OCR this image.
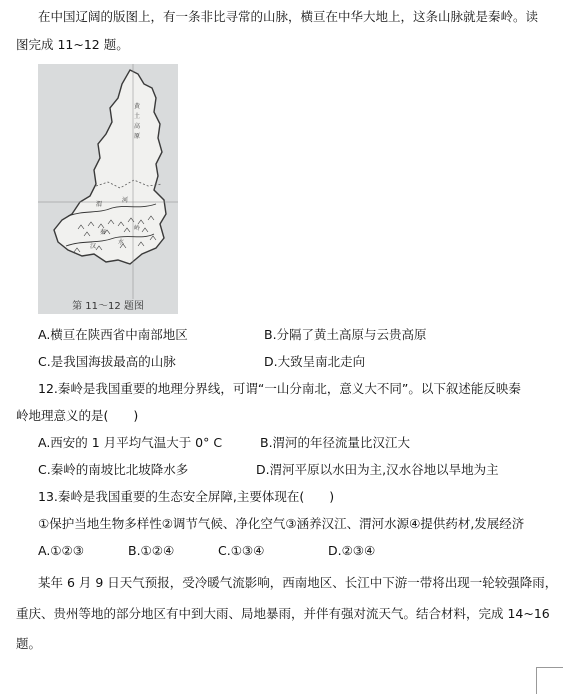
在中国辽阔的版图上，有一条非比寻常的山脉，横亘在中华大地上，这条山脉就是秦岭。读
图完成 11~12 题。
黄
土
高
原
渭
河
秦
岭
汉
水
第 11～12 题图
A.横亘在陕西省中南部地区	B.分隔了黄土高原与云贵高原
C.是我国海拔最高的山脉	D.大致呈南北走向
12.秦岭是我国重要的地理分界线，可谓“一山分南北，意义大不同”。以下叙述能反映秦
岭地理意义的是(　　)
A.西安的 1 月平均气温大于 0° C	B.渭河的年径流量比汉江大
C.秦岭的南坡比北坡降水多	D.渭河平原以水田为主,汉水谷地以旱地为主
13.秦岭是我国重要的生态安全屏障,主要体现在(　　)
①保护当地生物多样性②调节气候、净化空气③涵养汉江、渭河水源④提供药材,发展经济
A.①②③	B.①②④	C.①③④	D.②③④
某年 6 月 9 日天气预报，受冷暖气流影响，西南地区、长江中下游一带将出现一轮较强降雨，
重庆、贵州等地的部分地区有中到大雨、局地暴雨，并伴有强对流天气。结合材料，完成 14~16
题。
